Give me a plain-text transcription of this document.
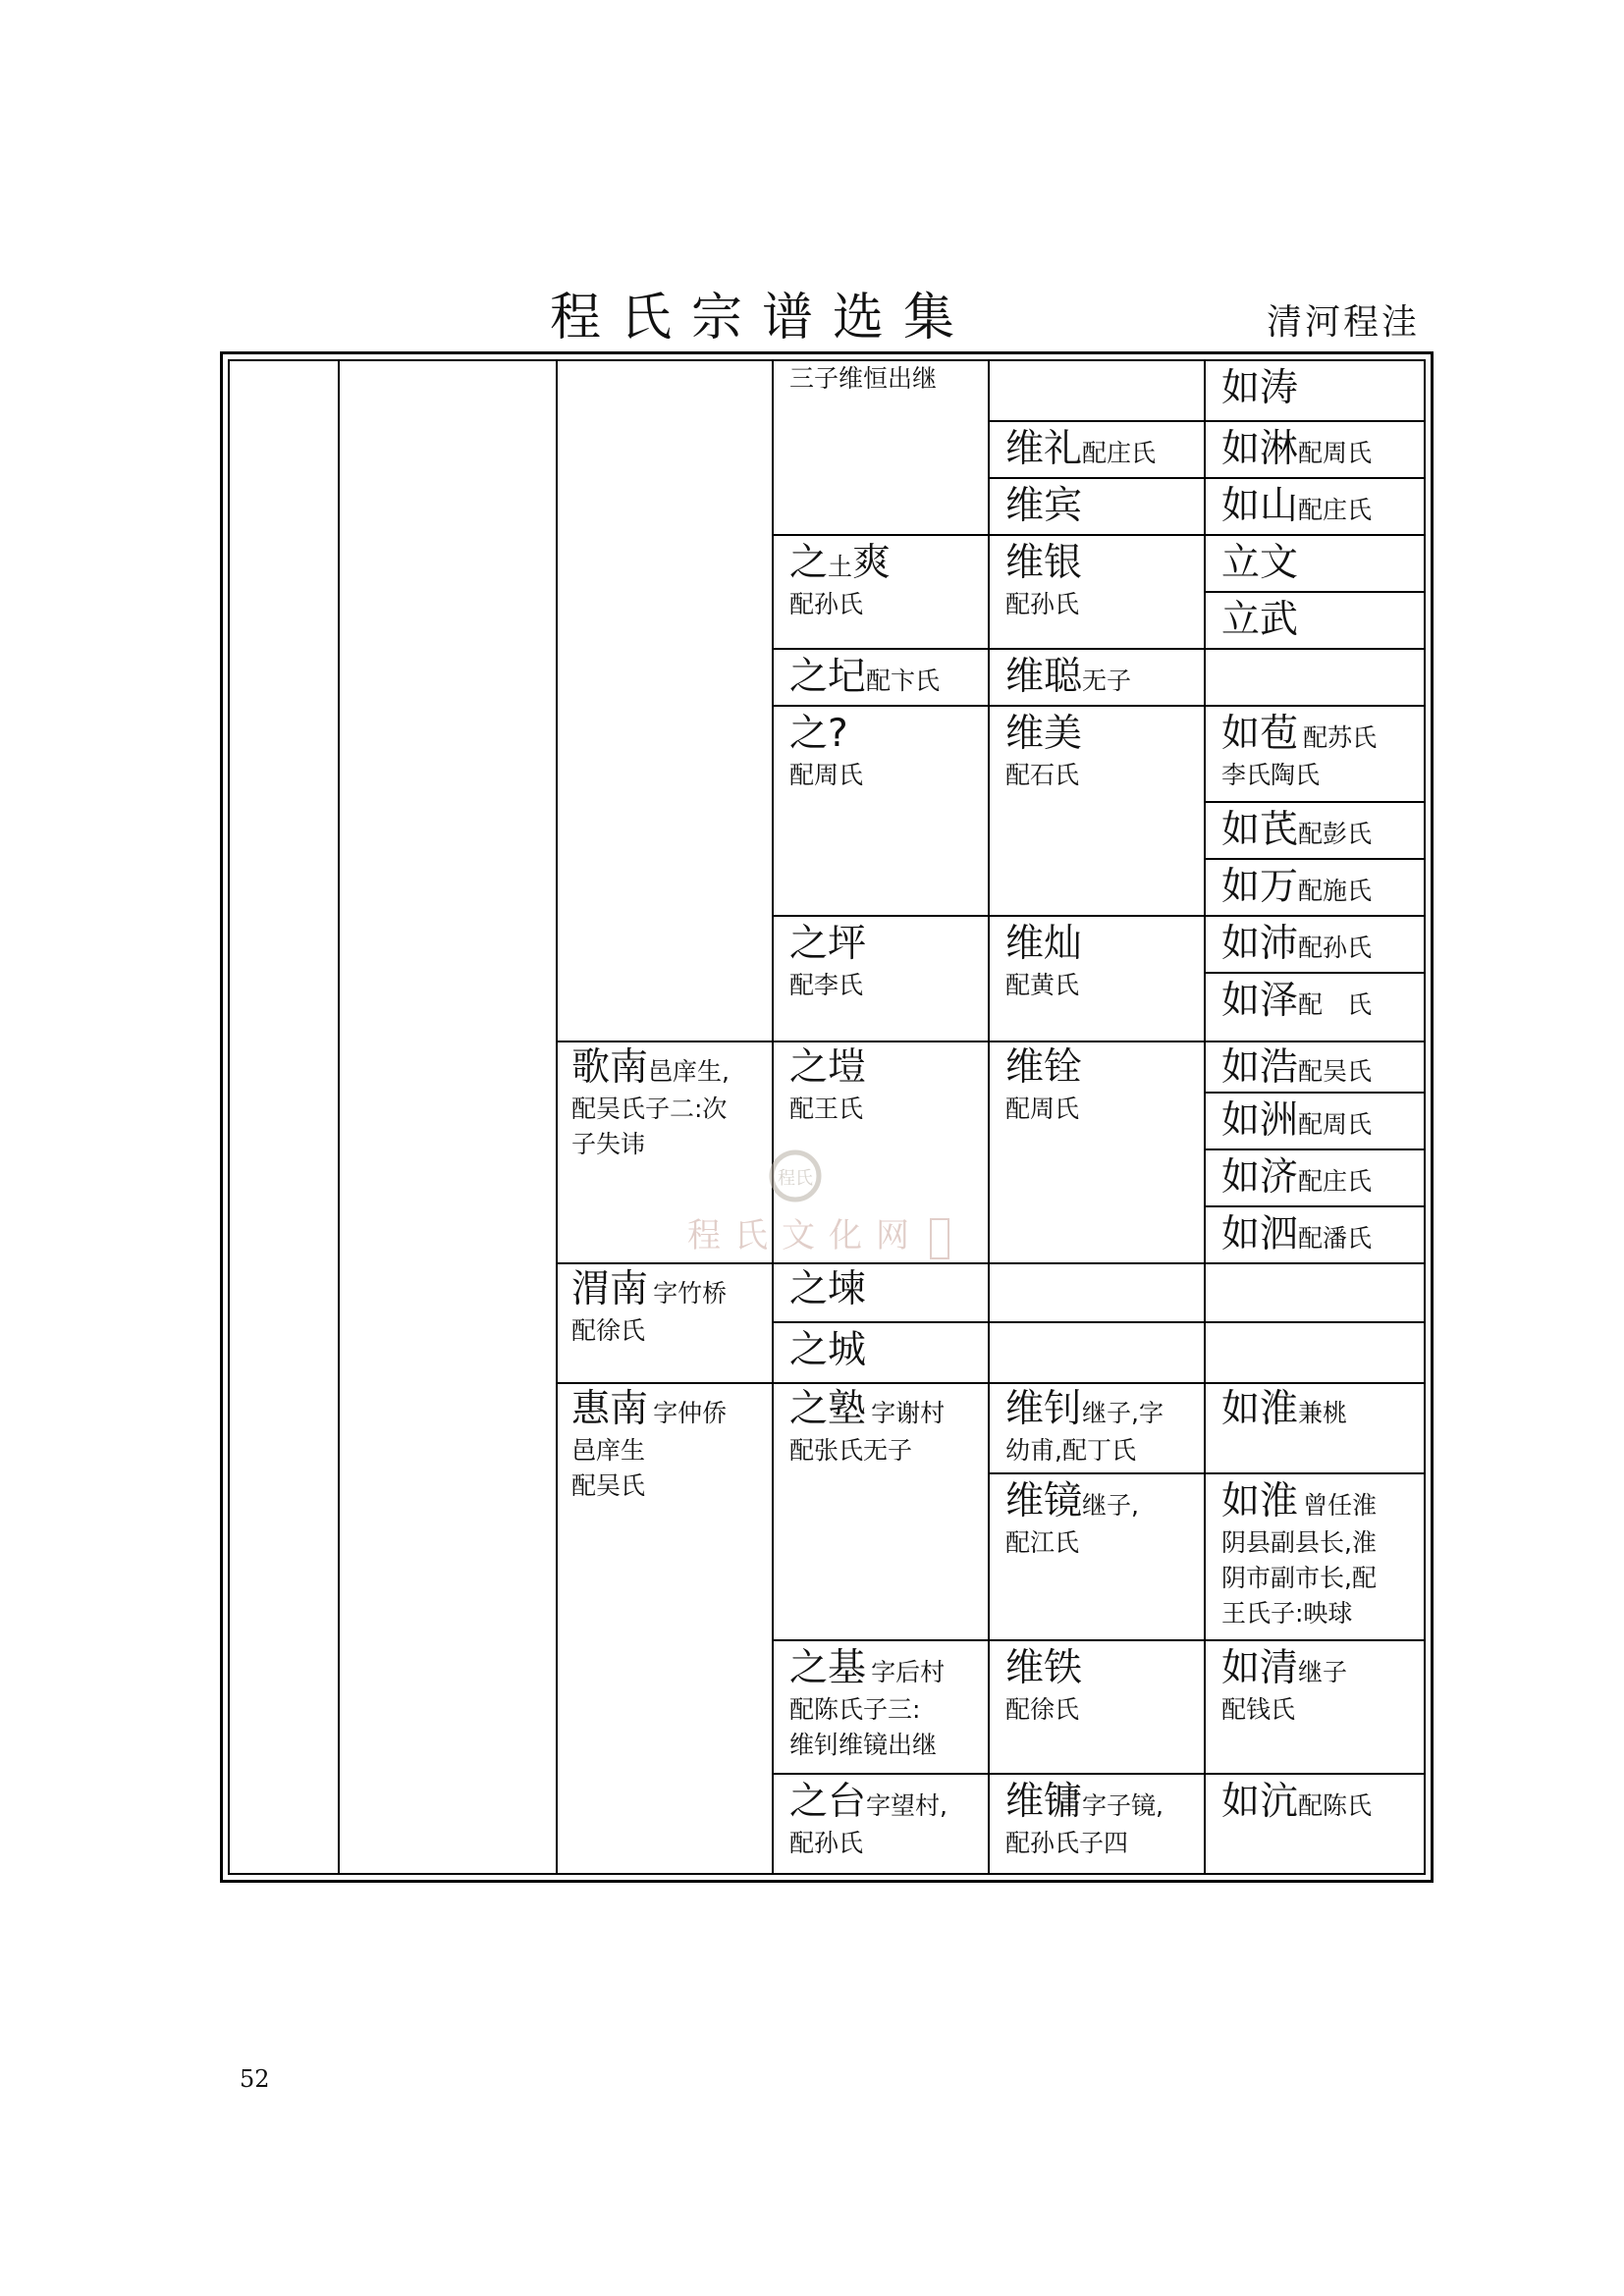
程氏宗谱选集	清河程洼
歌南邑庠生,
配吴氏子二:次
子失讳
渭南 字竹桥
配徐氏
惠南 字仲侨
邑庠生
配吴氏
三子维恒出继
之土爽
配孙氏
之圮配卞氏
之?
配周氏
之坪
配李氏
之塏
配王氏
之堜
之城
之塾 字谢村
配张氏无子
之基 字后村
配陈氏子三:
维钊维镜出继
之台字望村,
配孙氏
维礼配庄氏
维宾
维银
配孙氏
维聪无子
维美
配石氏
维灿
配黄氏
维铨
配周氏
维钊继子,字
幼甫,配丁氏
维镜继子,
配江氏
维铁
配徐氏
维镛字子镜,
配孙氏子四
如涛
如淋配周氏
如山配庄氏
立文
立武
如苞 配苏氏
李氏陶氏
如芪配彭氏
如万配施氏
如沛配孙氏
如泽配　氏
如浩配吴氏
如洲配周氏
如济配庄氏
如泗配潘氏
如淮兼桃
如淮 曾任淮
阴县副县长,淮
阴市副市长,配
王氏子:映球
如清继子
配钱氏
如沆配陈氏
程氏
程氏文化网
52
